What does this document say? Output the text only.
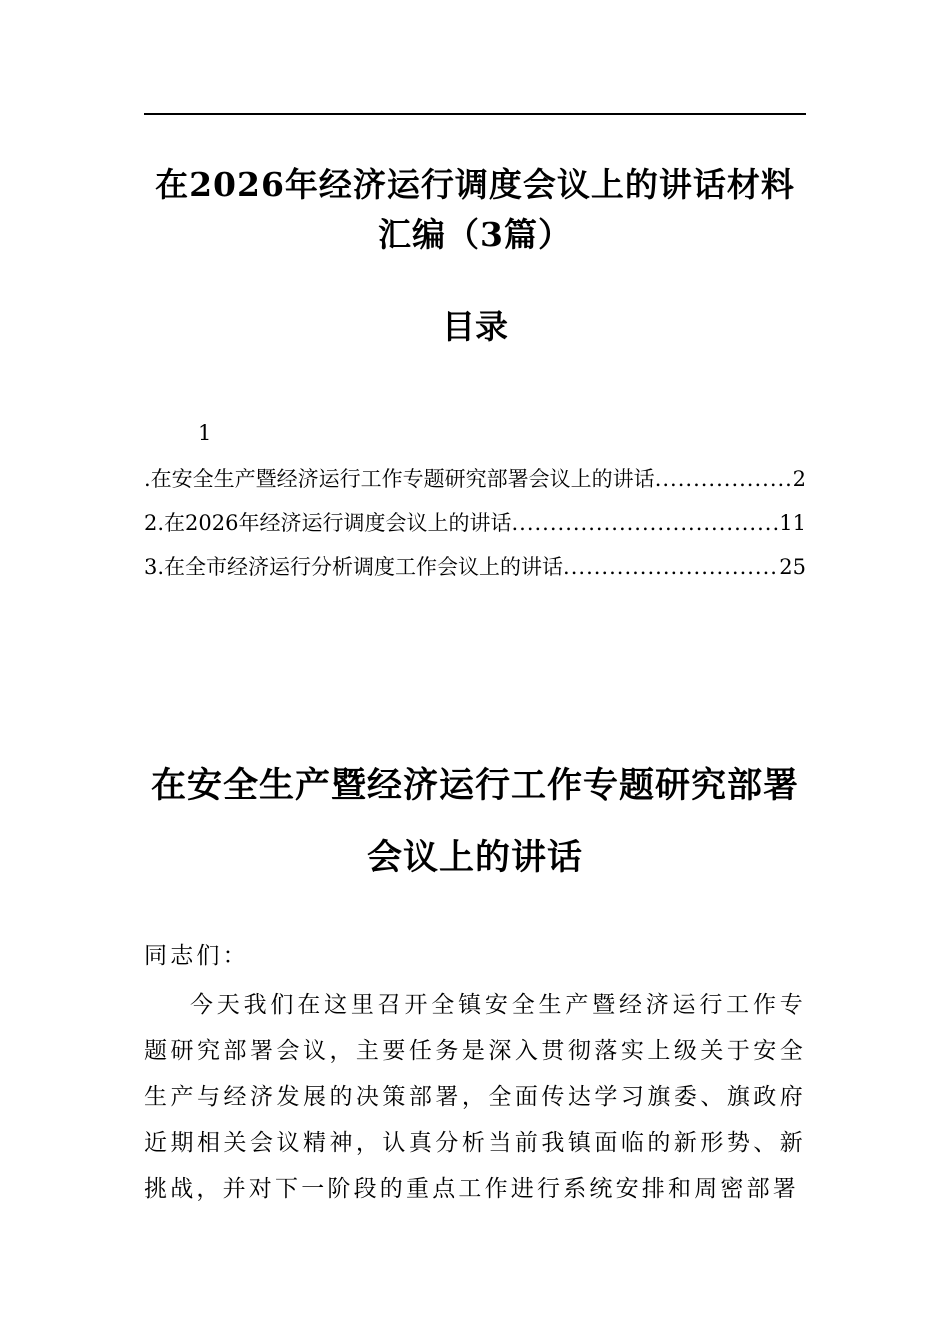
在2026年经济运行调度会议上的讲话材料
汇编（3篇）
目录
1
.在安全生产暨经济运行工作专题研究部署会议上的讲话 .....	2
2.在2026年经济运行调度会议上的讲话 .....	11
3.在全市经济运行分析调度工作会议上的讲话 .....	25
在安全生产暨经济运行工作专题研究部署
会议上的讲话
同志们：
今天我们在这里召开全镇安全生产暨经济运行工作专题研究部署会议，主要任务是深入贯彻落实上级关于安全生产与经济发展的决策部署，全面传达学习旗委、旗政府近期相关会议精神，认真分析当前我镇面临的新形势、新挑战，并对下一阶段的重点工作进行系统安排和周密部署
